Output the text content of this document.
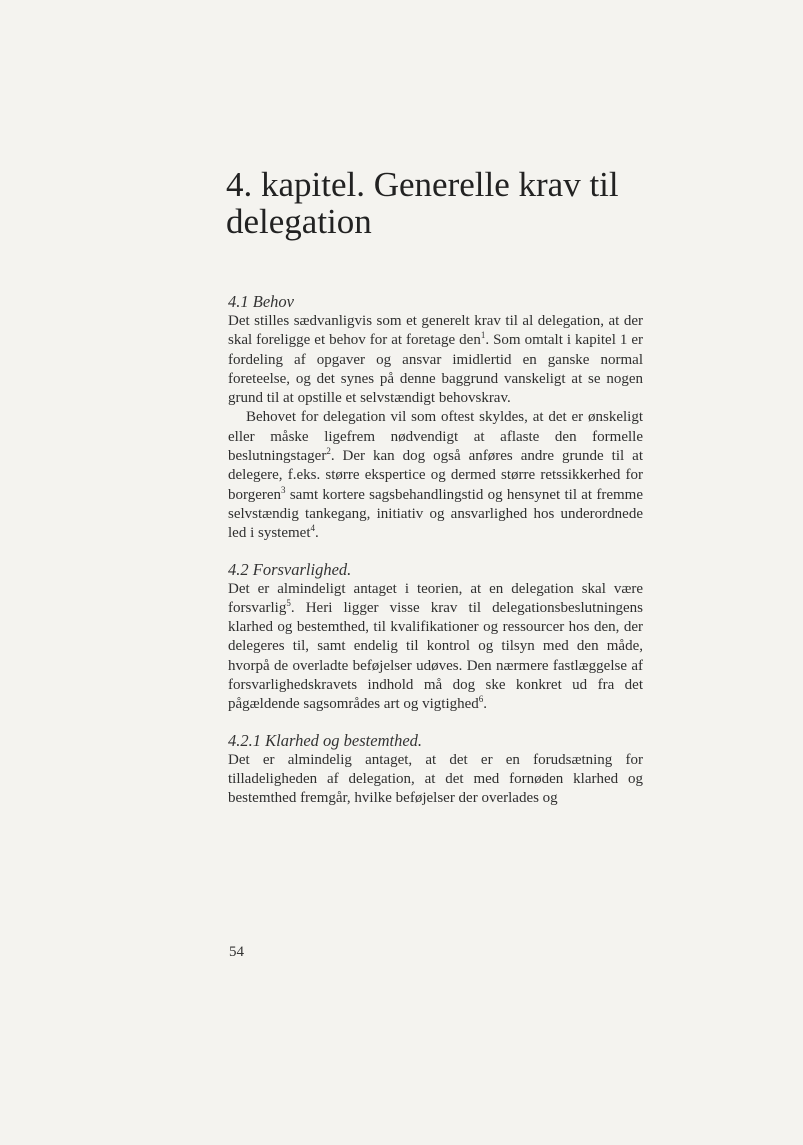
4. kapitel. Generelle krav til delegation
4.1 Behov

Det stilles sædvanligvis som et generelt krav til al delegation, at der skal foreligge et behov for at foretage den$^1$. Som omtalt i kapitel 1 er fordeling af opgaver og ansvar imidlertid en ganske normal foreteelse, og det synes på denne baggrund vanskeligt at se nogen grund til at opstille et selvstændigt behovskrav.

Behovet for delegation vil som oftest skyldes, at det er ønskeligt eller måske ligefrem nødvendigt at aflaste den formelle beslutningstager$^2$. Der kan dog også anføres andre grunde til at delegere, f.eks. større ekspertice og dermed større retssikkerhed for borgeren$^3$ samt kortere sagsbehandlingstid og hensynet til at fremme selvstændig tankegang, initiativ og ansvarlighed hos underordnede led i systemet$^4$.

4.2 Forsvarlighed.

Det er almindeligt antaget i teorien, at en delegation skal være forsvarlig$^5$. Heri ligger visse krav til delegationsbeslutningens klarhed og bestemthed, til kvalifikationer og ressourcer hos den, der delegeres til, samt endelig til kontrol og tilsyn med den måde, hvorpå de overladte beføjelser udøves. Den nærmere fastlæggelse af forsvarlighedskravets indhold må dog ske konkret ud fra det pågældende sagsområdes art og vigtighed$^6$.

4.2.1 Klarhed og bestemthed.

Det er almindelig antaget, at det er en forudsætning for tilladeligheden af delegation, at det med fornøden klarhed og bestemthed fremgår, hvilke beføjelser der overlades og

54
